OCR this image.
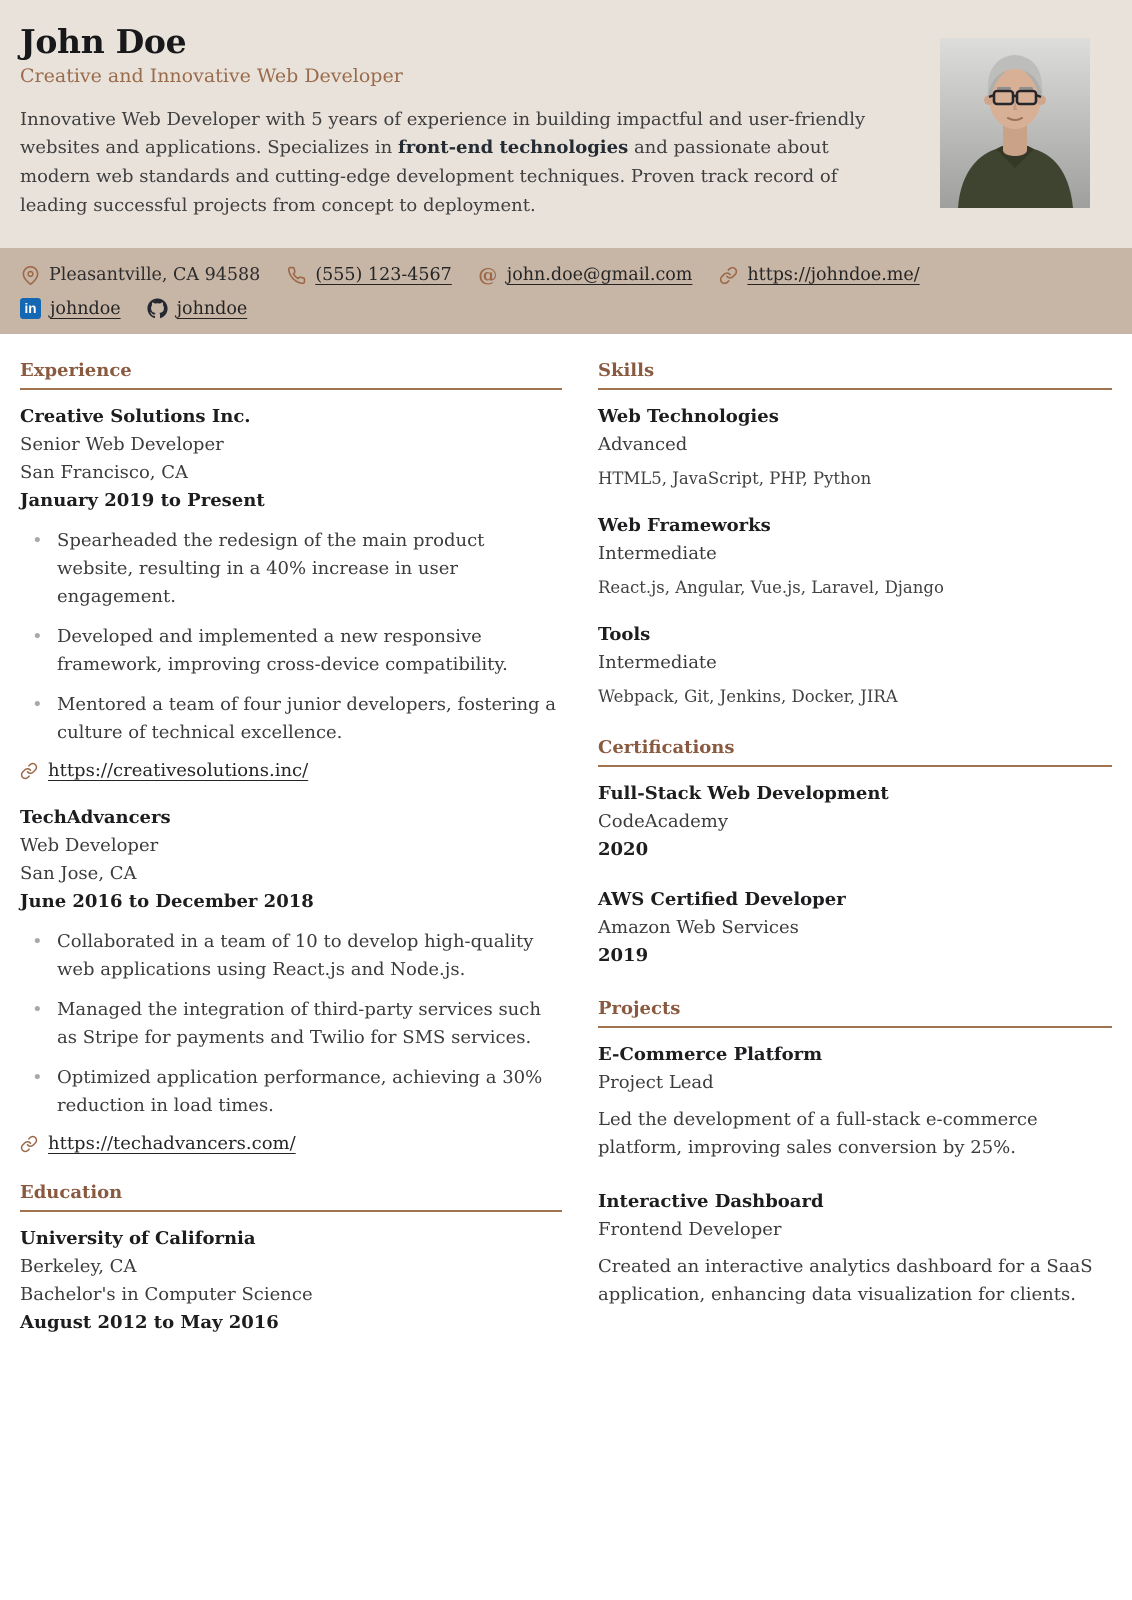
John Doe
Creative and Innovative Web Developer

Innovative Web Developer with 5 years of experience in building impactful and user-friendly websites and applications. Specializes in front-end technologies and passionate about modern web standards and cutting-edge development techniques. Proven track record of leading successful projects from concept to deployment.

Pleasantville, CA 94588	(555) 123-4567 @ john.doe@gmail.com	https://johndoe.me/
in johndoe	johndoe
Experience
Creative Solutions Inc.
Senior Web Developer
San Francisco, CA
January 2019 to Present
• Spearheaded the redesign of the main product website, resulting in a 40% increase in user engagement.
• Developed and implemented a new responsive framework, improving cross-device compatibility.
• Mentored a team of four junior developers, fostering a culture of technical excellence.
https://creativesolutions.inc/
TechAdvancers
Web Developer
San Jose, CA
June 2016 to December 2018
• Collaborated in a team of 10 to develop high-quality web applications using React.js and Node.js.
• Managed the integration of third-party services such as Stripe for payments and Twilio for SMS services.
• Optimized application performance, achieving a 30% reduction in load times.
https://techadvancers.com/
Education
University of California
Berkeley, CA
Bachelor's in Computer Science
August 2012 to May 2016
Skills
Web Technologies
Advanced
HTML5, JavaScript, PHP, Python
Web Frameworks
Intermediate
React.js, Angular, Vue.js, Laravel, Django
Tools
Intermediate
Webpack, Git, Jenkins, Docker, JIRA
Certifications
Full-Stack Web Development
CodeAcademy
2020
AWS Certified Developer
Amazon Web Services
2019
Projects
E-Commerce Platform
Project Lead
Led the development of a full-stack e-commerce platform, improving sales conversion by 25%.
Interactive Dashboard
Frontend Developer
Created an interactive analytics dashboard for a SaaS application, enhancing data visualization for clients.
